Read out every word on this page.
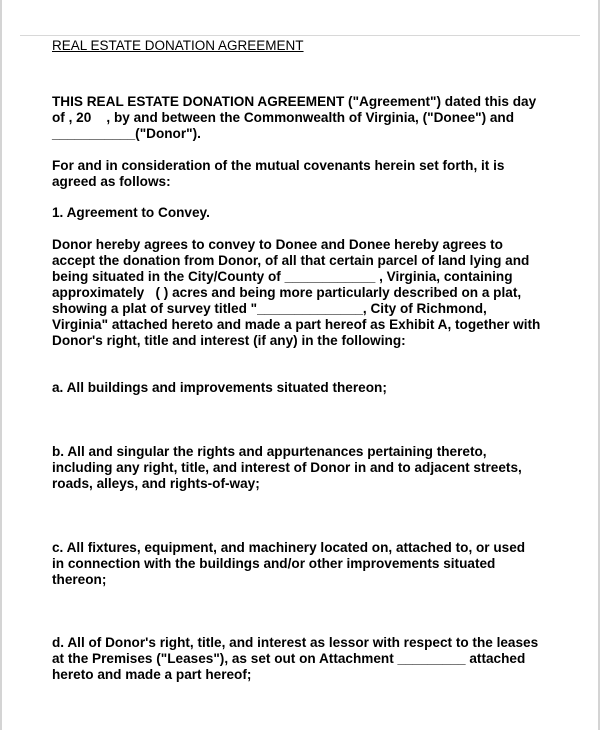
REAL ESTATE DONATION AGREEMENT
THIS REAL ESTATE DONATION AGREEMENT ("Agreement") dated this day
of , 20    , by and between the Commonwealth of Virginia, ("Donee") and
___________("Donor").
For and in consideration of the mutual covenants herein set forth, it is
agreed as follows:
1. Agreement to Convey.
Donor hereby agrees to convey to Donee and Donee hereby agrees to
accept the donation from Donor, of all that certain parcel of land lying and
being situated in the City/County of ____________ , Virginia, containing
approximately   ( ) acres and being more particularly described on a plat,
showing a plat of survey titled "______________, City of Richmond,
Virginia" attached hereto and made a part hereof as Exhibit A, together with
Donor's right, title and interest (if any) in the following:
a. All buildings and improvements situated thereon;
b. All and singular the rights and appurtenances pertaining thereto,
including any right, title, and interest of Donor in and to adjacent streets,
roads, alleys, and rights-of-way;
c. All fixtures, equipment, and machinery located on, attached to, or used
in connection with the buildings and/or other improvements situated
thereon;
d. All of Donor's right, title, and interest as lessor with respect to the leases
at the Premises ("Leases"), as set out on Attachment _________ attached
hereto and made a part hereof;
